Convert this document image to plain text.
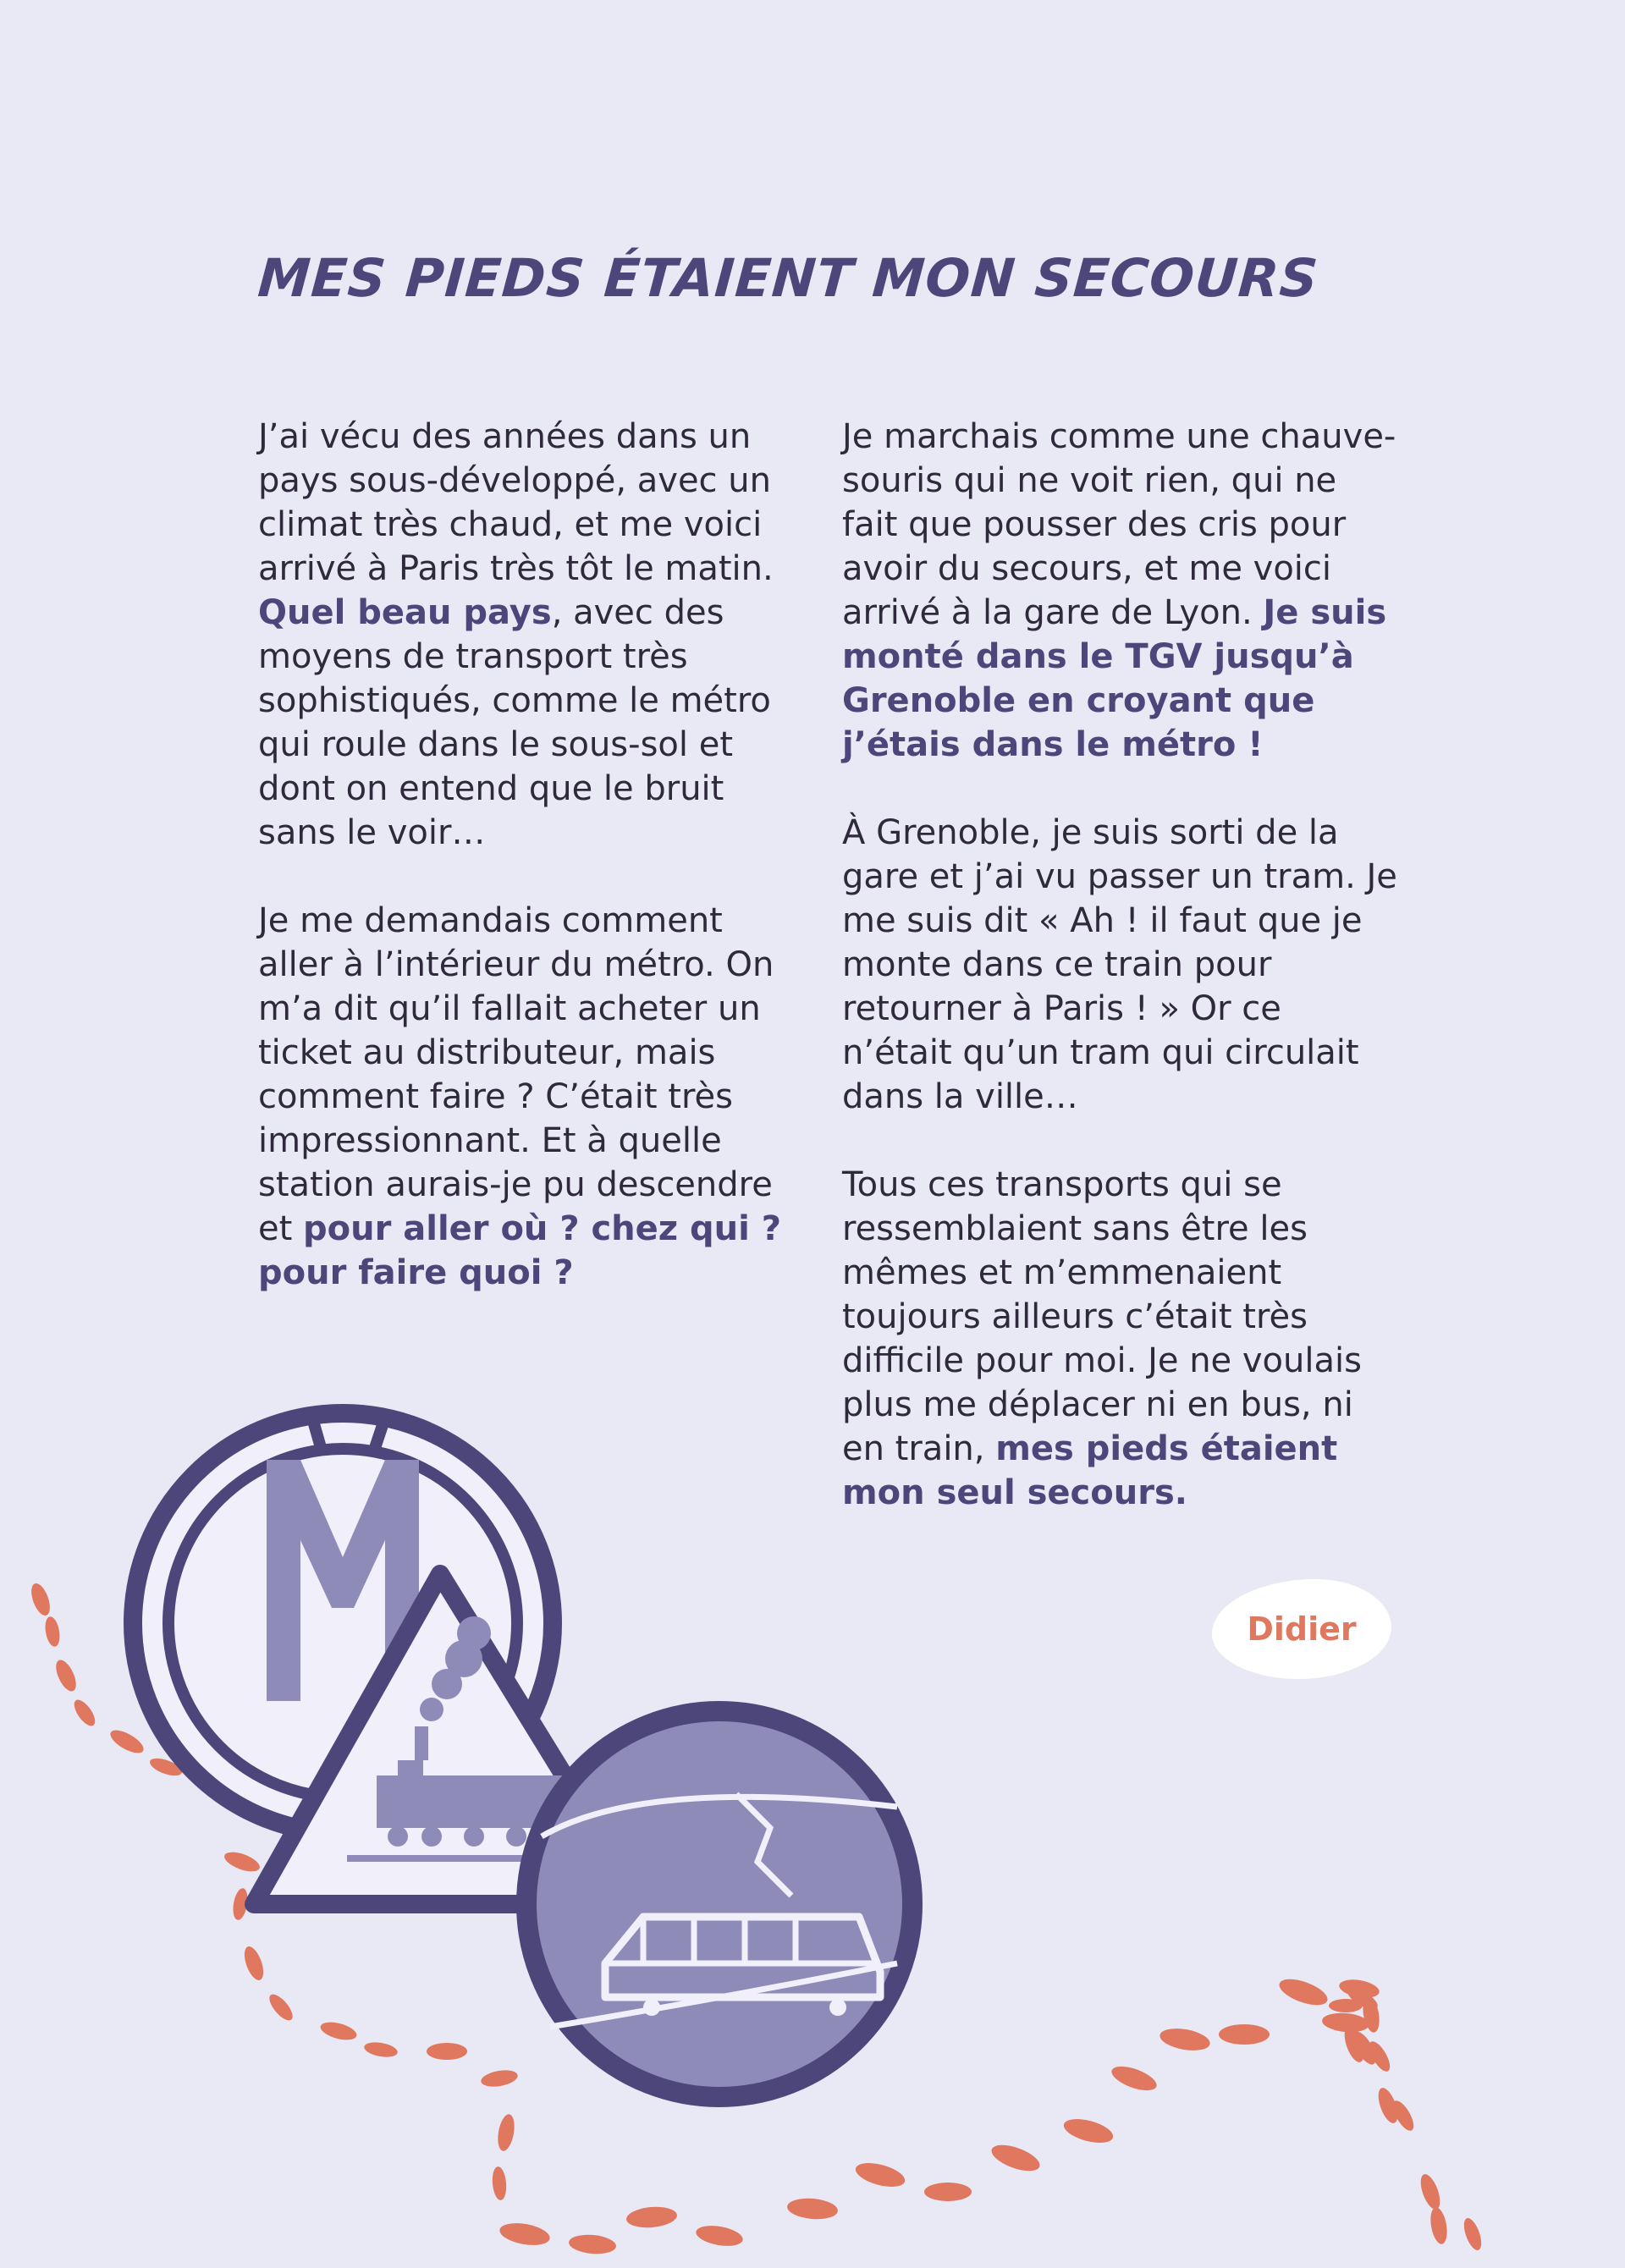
MES PIEDS ÉTAIENT MON SECOURS

J’ai vécu des années dans un pays sous-développé, avec un climat très chaud, et me voici arrivé à Paris très tôt le matin. Quel beau pays, avec des moyens de transport très sophistiqués, comme le métro qui roule dans le sous-sol et dont on entend que le bruit sans le voir…

Je me demandais comment aller à l’intérieur du métro. On m’a dit qu’il fallait acheter un ticket au distributeur, mais comment faire ? C’était très impressionnant. Et à quelle station aurais-je pu descendre et pour aller où ? chez qui ? pour faire quoi ?

Je marchais comme une chauve-souris qui ne voit rien, qui ne fait que pousser des cris pour avoir du secours, et me voici arrivé à la gare de Lyon. Je suis monté dans le TGV jusqu’à Grenoble en croyant que j’étais dans le métro !

À Grenoble, je suis sorti de la gare et j’ai vu passer un tram. Je me suis dit « Ah ! il faut que je monte dans ce train pour retourner à Paris ! » Or ce n’était qu’un tram qui circulait dans la ville…

Tous ces transports qui se ressemblaient sans être les mêmes et m’emmenaient toujours ailleurs c’était très difficile pour moi. Je ne voulais plus me déplacer ni en bus, ni en train, mes pieds étaient mon seul secours.

Didier
